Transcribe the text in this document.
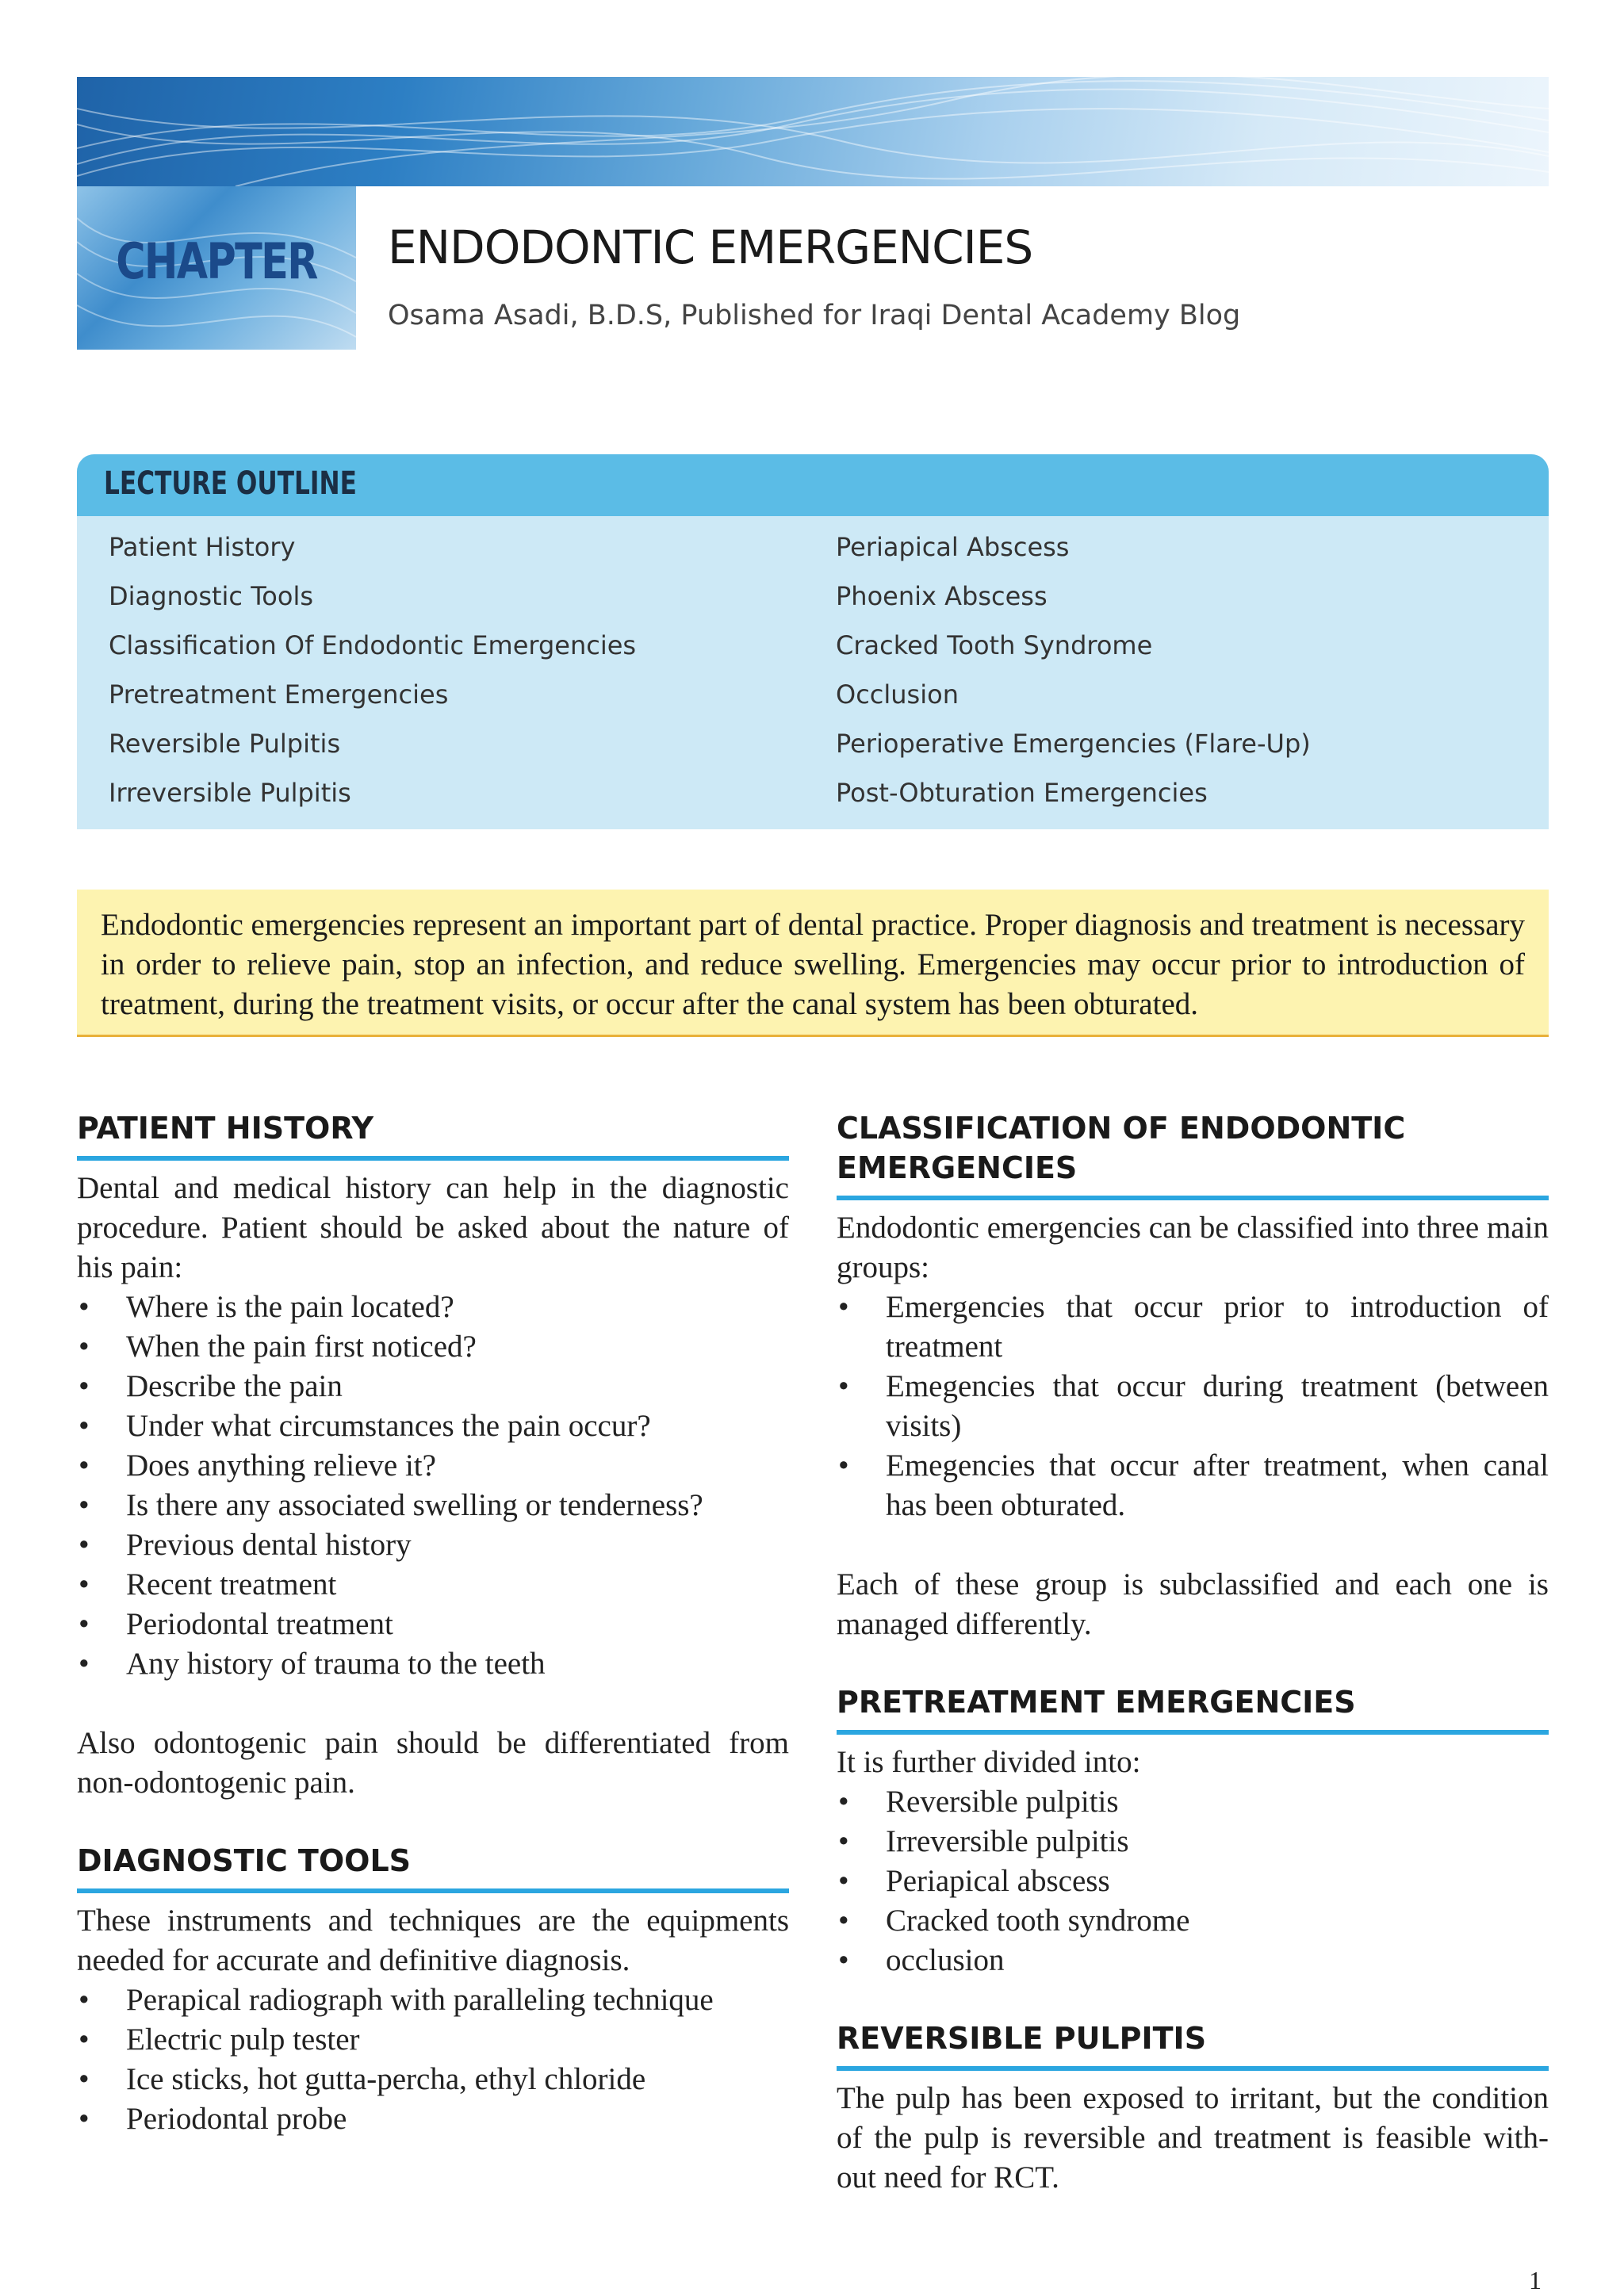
CHAPTER	ENDODONTIC EMERGENCIES
Osama Asadi, B.D.S, Published for Iraqi Dental Academy Blog
LECTURE OUTLINE
Patient History
Diagnostic Tools
Classification Of Endodontic Emergencies
Pretreatment Emergencies
Reversible Pulpitis
Irreversible Pulpitis
Periapical Abscess
Phoenix Abscess
Cracked Tooth Syndrome
Occlusion
Perioperative Emergencies (Flare-Up)
Post-Obturation Emergencies
Endodontic emergencies represent an important part of dental practice. Proper diagnosis and treatment is necessary in order to relieve pain, stop an infection, and reduce swelling. Emergencies may occur prior to introduction of treatment, during the treatment visits, or occur after the canal system has been obturated.
PATIENT HISTORY

Dental and medical history can help in the diagnostic procedure. Patient should be asked about the nature of his pain:

• Where is the pain located?
• When the pain first noticed?
• Describe the pain
• Under what circumstances the pain occur?
• Does anything relieve it?
• Is there any associated swelling or tenderness?
• Previous dental history
• Recent treatment
• Periodontal treatment
• Any history of trauma to the teeth

Also odontogenic pain should be differentiated from non-odontogenic pain.

DIAGNOSTIC TOOLS

These instruments and techniques are the equipments needed for accurate and definitive diagnosis.

• Perapical radiograph with paralleling technique
• Electric pulp tester
• Ice sticks, hot gutta-percha, ethyl chloride
• Periodontal probe
CLASSIFICATION OF ENDODONTIC EMERGENCIES

Endodontic emergencies can be classified into three main groups:

• Emergencies that occur prior to introduction of treatment
• Emegencies that occur during treatment (between visits)
• Emegencies that occur after treatment, when canal has been obturated.

Each of these group is subclassified and each one is managed differently.

PRETREATMENT EMERGENCIES

It is further divided into:

• Reversible pulpitis
• Irreversible pulpitis
• Periapical abscess
• Cracked tooth syndrome
• occlusion
REVERSIBLE PULPITIS

The pulp has been exposed to irritant, but the condition of the pulp is reversible and treatment is feasible with-out need for RCT.

1
